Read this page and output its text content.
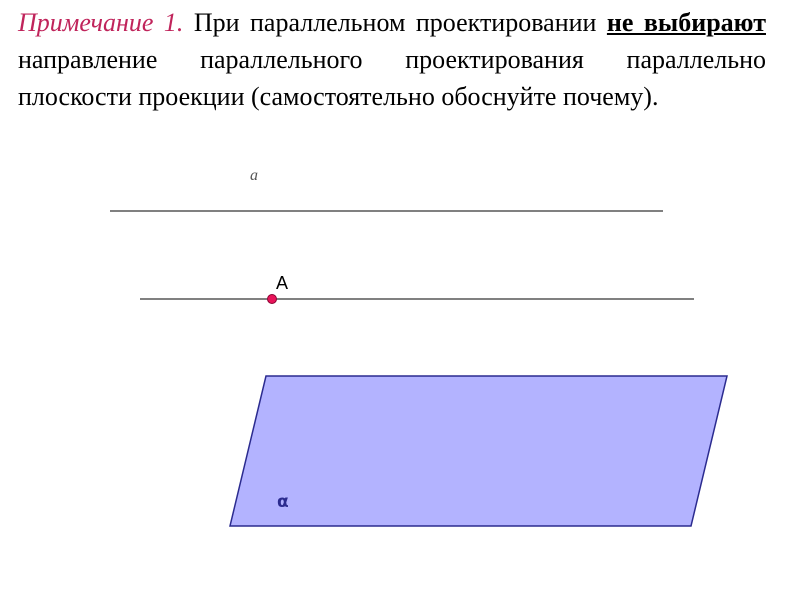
Примечание 1. При параллельном проектировании не выбирают направление параллельного проектирования параллельно плоскости проекции (самостоятельно обоснуйте почему).

a
A
α
